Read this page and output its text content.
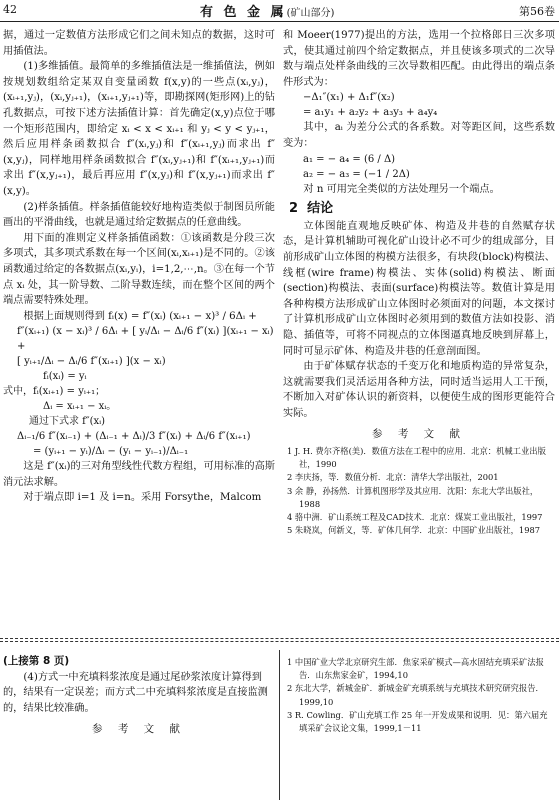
42	有 色 金 属(矿山部分)	第56卷

据，通过一定数值方法形成它们之间未知点的数据，这时可用插值法。

(1)多维插值。最简单的多维插值法是一维插值法，例如按规划数组给定某双自变量函数 f(x,y)的一些点(xᵢ,yⱼ)，(xᵢ₊₁,yⱼ)，(xᵢ,yⱼ₊₁)，(xᵢ₊₁,yⱼ₊₁)等，即勘探网(矩形网)上的钻孔数据点，可按下述方法插值计算：首先确定(x,y)点位于哪一个矩形范围内，即给定 xᵢ < x < xᵢ₊₁ 和 yⱼ < y < yⱼ₊₁，然后应用样条函数拟合 f″(xᵢ,yⱼ)和 f″(xᵢ₊₁,yⱼ)而求出 f″(x,yⱼ)，同样地用样条函数拟合 f″(xᵢ,yⱼ₊₁)和 f″(xᵢ₊₁,yⱼ₊₁)而求出 f″(x,yⱼ₊₁)，最后再应用 f″(x,yⱼ)和 f″(x,yⱼ₊₁)而求出 f″(x,y)。

(2)样条插值。样条插值能较好地构造类似于制图员所能画出的平滑曲线，也就是通过给定数据点的任意曲线。

用下面的准则定义样条插值函数：①该函数是分段三次多项式，其多项式系数在每一个区间(xᵢ,xᵢ₊₁)是不同的。②该函数通过给定的各数据点(xᵢ,yᵢ)，i=1,2,⋯,n。③在每一个节点 xᵢ 处，其一阶导数、二阶导数连续，而在整个区间的两个端点需要特殊处理。

根据上面规则得到 fᵢ(x) = f″(xᵢ) (xᵢ₊₁ − x)³ / 6Δᵢ +

f″(xᵢ₊₁) (x − xᵢ)³ / 6Δᵢ + [ yᵢ/Δᵢ − Δᵢ/6 f″(xᵢ) ](xᵢ₊₁ − xᵢ) +
[ yᵢ₊₁/Δᵢ − Δᵢ/6 f″(xᵢ₊₁) ](x − xᵢ)
fᵢ(xᵢ) = yᵢ
式中，fᵢ(xᵢ₊₁) = yᵢ₊₁；
Δᵢ = xᵢ₊₁ − xᵢ。
通过下式求 f″(xᵢ)
Δᵢ₋₁/6 f″(xᵢ₋₁) + (Δᵢ₋₁ + Δᵢ)/3 f″(xᵢ) + Δᵢ/6 f″(xᵢ₊₁)
= (yᵢ₊₁ − yᵢ)/Δᵢ − (yᵢ − yᵢ₋₁)/Δᵢ₋₁

这是 f″(xᵢ)的三对角型线性代数方程组，可用标准的高斯消元法求解。

对于端点即 i=1 及 i=n。采用 Forsythe，Malcom

和 Moeer(1977)提出的方法，选用一个拉格郎日三次多项式，使其通过前四个给定数据点，并且使该多项式的二次导数与端点处样条曲线的三次导数相匹配。由此得出的端点条件形式为：

−Δ₁″(x₁) + Δ₁f″(x₂)
= a₁y₁ + a₂y₂ + a₃y₃ + a₄y₄

其中，aᵢ 为差分公式的各系数。对等距区间，这些系数变为：

a₁ = − a₄ = (6 / Δ)
a₂ = − a₃ = (−1 / 2Δ)

对 n 可用完全类似的方法处理另一个端点。

2 结论

立体图能直观地反映矿体、构造及井巷的自然赋存状态，是计算机辅助可视化矿山设计必不可少的组成部分，目前形成矿山立体图的构模方法很多，有块段(block)构模法、线框(wire frame)构模法、实体(solid)构模法、断面(section)构模法、表面(surface)构模法等。数值计算是用各种构模方法形成矿山立体图时必须面对的问题，本文探讨了计算机形成矿山立体图时必须用到的数值方法如投影、消隐、插值等，可将不同视点的立体图逼真地反映到屏幕上，同时可显示矿体、构造及井巷的任意剖面图。

由于矿体赋存状态的千变万化和地质构造的异常复杂，这就需要我们灵活运用各种方法，同时适当运用人工干预，不断加入对矿体认识的新资料，以便使生成的图形更能符合实际。

参 考 文 献
1 J. H. 费尔齐格(美)．数值方法在工程中的应用．北京：机械工业出版社，1990
2 李庆扬，等．数值分析．北京：清华大学出版社，2001
3 余 静，孙扬然．计算机图形学及其应用．沈阳：东北大学出版社，1988
4 骆中洲．矿山系统工程及CAD技术．北京：煤炭工业出版社，1997
5 朱晓岚，何新义，等．矿体几何学．北京：中国矿业出版社，1987
(上接第 8 页)

(4)方式一中充填料浆浓度是通过尾砂浆浓度计算得到的，结果有一定误差；而方式二中充填料浆浓度是直接监测的，结果比较准确。

参 考 文 献
1 中国矿业大学北京研究生部．焦家采矿模式—高水固结充填采矿法报告．山东焦家金矿，1994,10
2 东北大学，新城金矿．新城金矿充填系统与充填技术研究研究报告．1999,10
3 R. Cowling．矿山充填工作 25 年一开发成果和说明．见：第六届充填采矿会议论文集，1999,1－11
